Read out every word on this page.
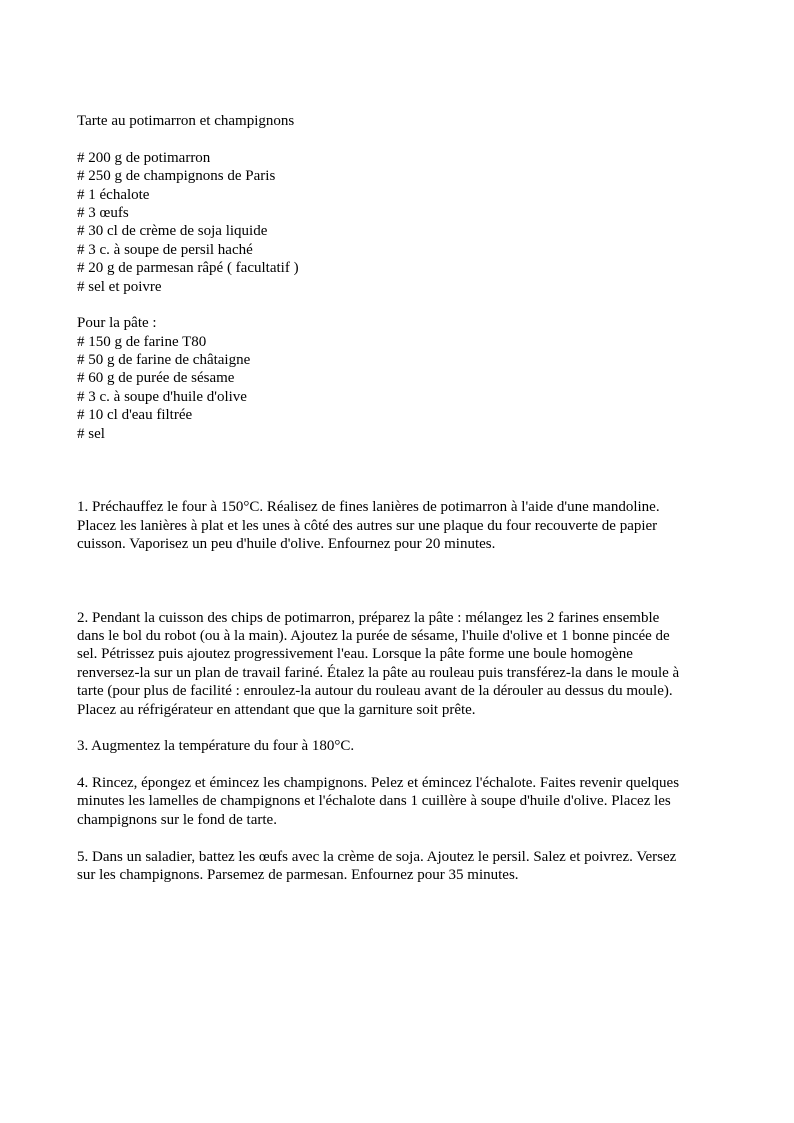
Tarte au potimarron et champignons
# 200 g de potimarron
# 250 g de champignons de Paris
# 1 échalote
# 3 œufs
# 30 cl de crème de soja liquide
# 3 c. à soupe de persil haché
# 20 g de parmesan râpé ( facultatif )
# sel et poivre
Pour la pâte :
# 150 g de farine T80
# 50 g de farine de châtaigne
# 60 g de purée de sésame
# 3 c. à soupe d'huile d'olive
# 10 cl d'eau filtrée
# sel
1. Préchauffez le four à 150°C. Réalisez de fines lanières de potimarron à l'aide d'une mandoline.
Placez les lanières à plat et les unes à côté des autres sur une plaque du four recouverte de papier
cuisson. Vaporisez un peu d'huile d'olive. Enfournez pour 20 minutes.
2. Pendant la cuisson des chips de potimarron, préparez la pâte : mélangez les 2 farines ensemble
dans le bol du robot (ou à la main). Ajoutez la purée de sésame, l'huile d'olive et 1 bonne pincée de
sel. Pétrissez puis ajoutez progressivement l'eau. Lorsque la pâte forme une boule homogène
renversez-la sur un plan de travail fariné. Étalez la pâte au rouleau puis transférez-la dans le moule à
tarte (pour plus de facilité : enroulez-la autour du rouleau avant de la dérouler au dessus du moule).
Placez au réfrigérateur en attendant que que la garniture soit prête.
3. Augmentez la température du four à 180°C.
4. Rincez, épongez et émincez les champignons. Pelez et émincez l'échalote. Faites revenir quelques
minutes les lamelles de champignons et l'échalote dans 1 cuillère à soupe d'huile d'olive. Placez les
champignons sur le fond de tarte.
5. Dans un saladier, battez les œufs avec la crème de soja. Ajoutez le persil. Salez et poivrez. Versez
sur les champignons. Parsemez de parmesan. Enfournez pour 35 minutes.
